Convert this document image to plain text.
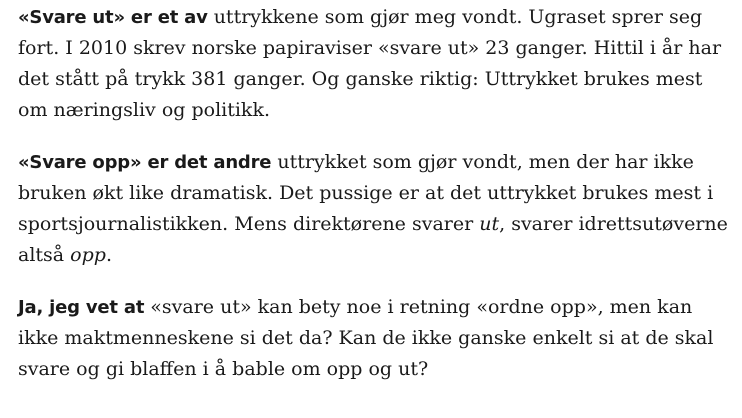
«Svare ut» er et av uttrykkene som gjør meg vondt. Ugraset sprer seg
fort. I 2010 skrev norske papiraviser «svare ut» 23 ganger. Hittil i år har
det stått på trykk 381 ganger. Og ganske riktig: Uttrykket brukes mest
om næringsliv og politikk.

«Svare opp» er det andre uttrykket som gjør vondt, men der har ikke
bruken økt like dramatisk. Det pussige er at det uttrykket brukes mest i
sportsjournalistikken. Mens direktørene svarer ut, svarer idrettsutøverne
altså opp.

Ja, jeg vet at «svare ut» kan bety noe i retning «ordne opp», men kan
ikke maktmenneskene si det da? Kan de ikke ganske enkelt si at de skal
svare og gi blaffen i å bable om opp og ut?
